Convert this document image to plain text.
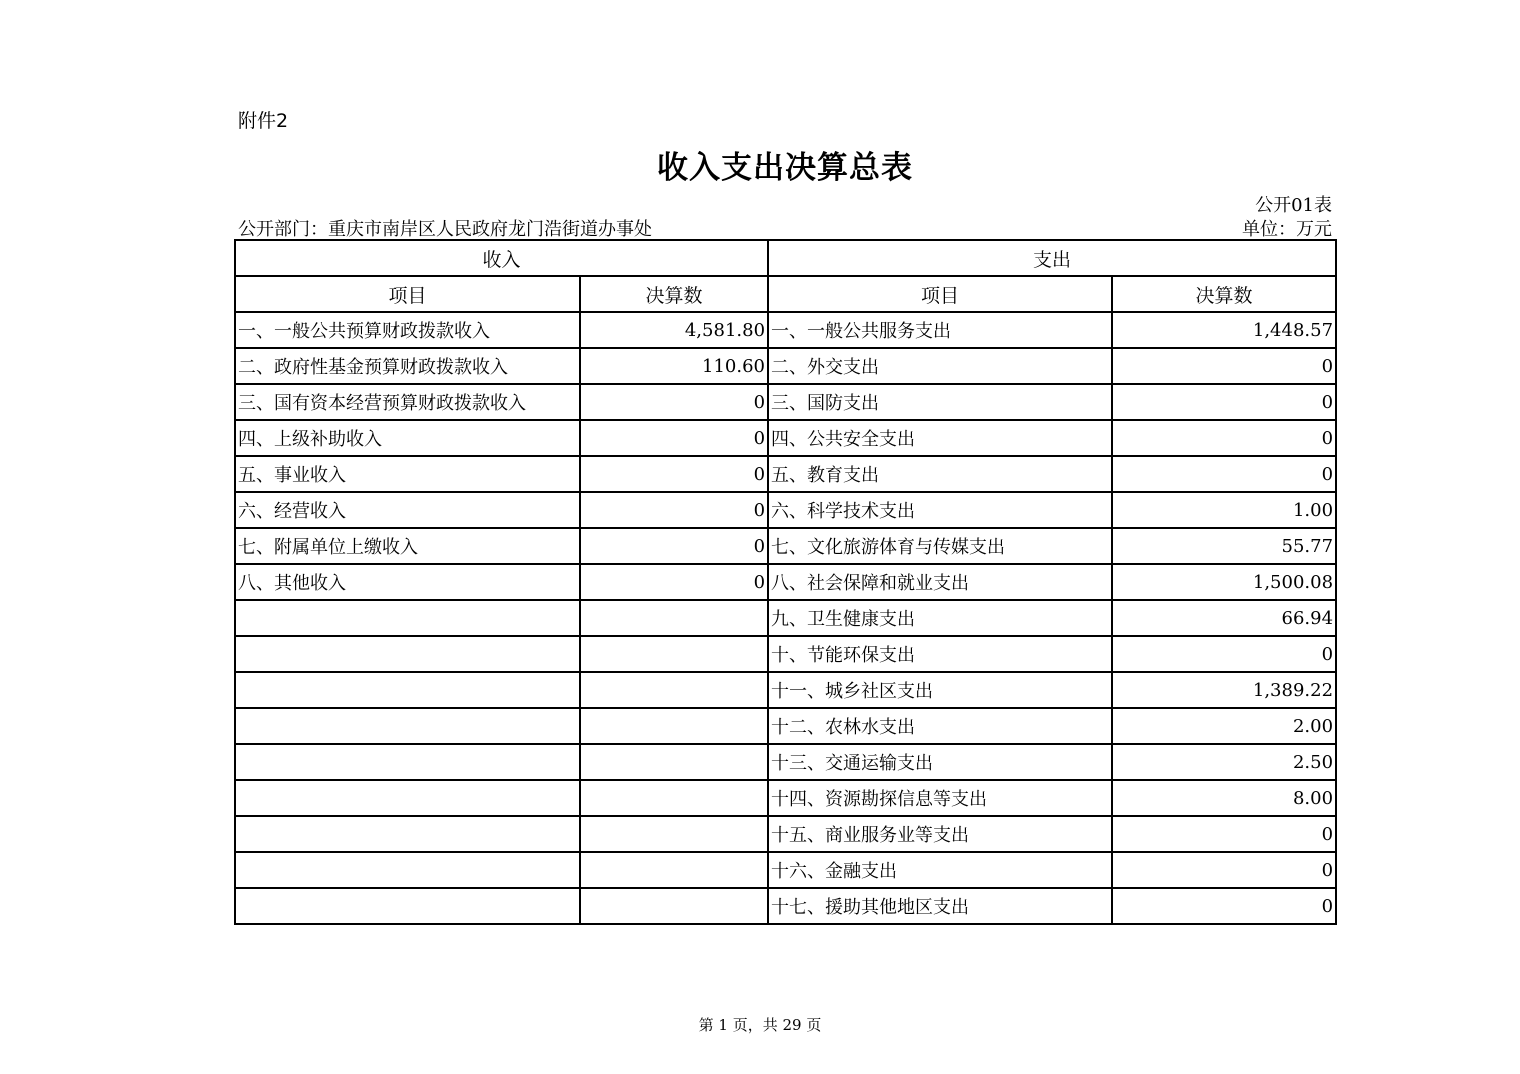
附件2
收入支出决算总表
公开01表
公开部门：重庆市南岸区人民政府龙门浩街道办事处	单位：万元
收入		支出	
项目	决算数	项目	决算数
一、一般公共预算财政拨款收入	4,581.80	一、一般公共服务支出	1,448.57
二、政府性基金预算财政拨款收入	110.60	二、外交支出	0
三、国有资本经营预算财政拨款收入	0	三、国防支出	0
四、上级补助收入	0	四、公共安全支出	0
五、事业收入	0	五、教育支出	0
六、经营收入	0	六、科学技术支出	1.00
七、附属单位上缴收入	0	七、文化旅游体育与传媒支出	55.77
八、其他收入	0	八、社会保障和就业支出	1,500.08
		九、卫生健康支出	66.94
		十、节能环保支出	0
		十一、城乡社区支出	1,389.22
		十二、农林水支出	2.00
		十三、交通运输支出	2.50
		十四、资源勘探信息等支出	8.00
		十五、商业服务业等支出	0
		十六、金融支出	0
		十七、援助其他地区支出	0
第 1 页，共 29 页
